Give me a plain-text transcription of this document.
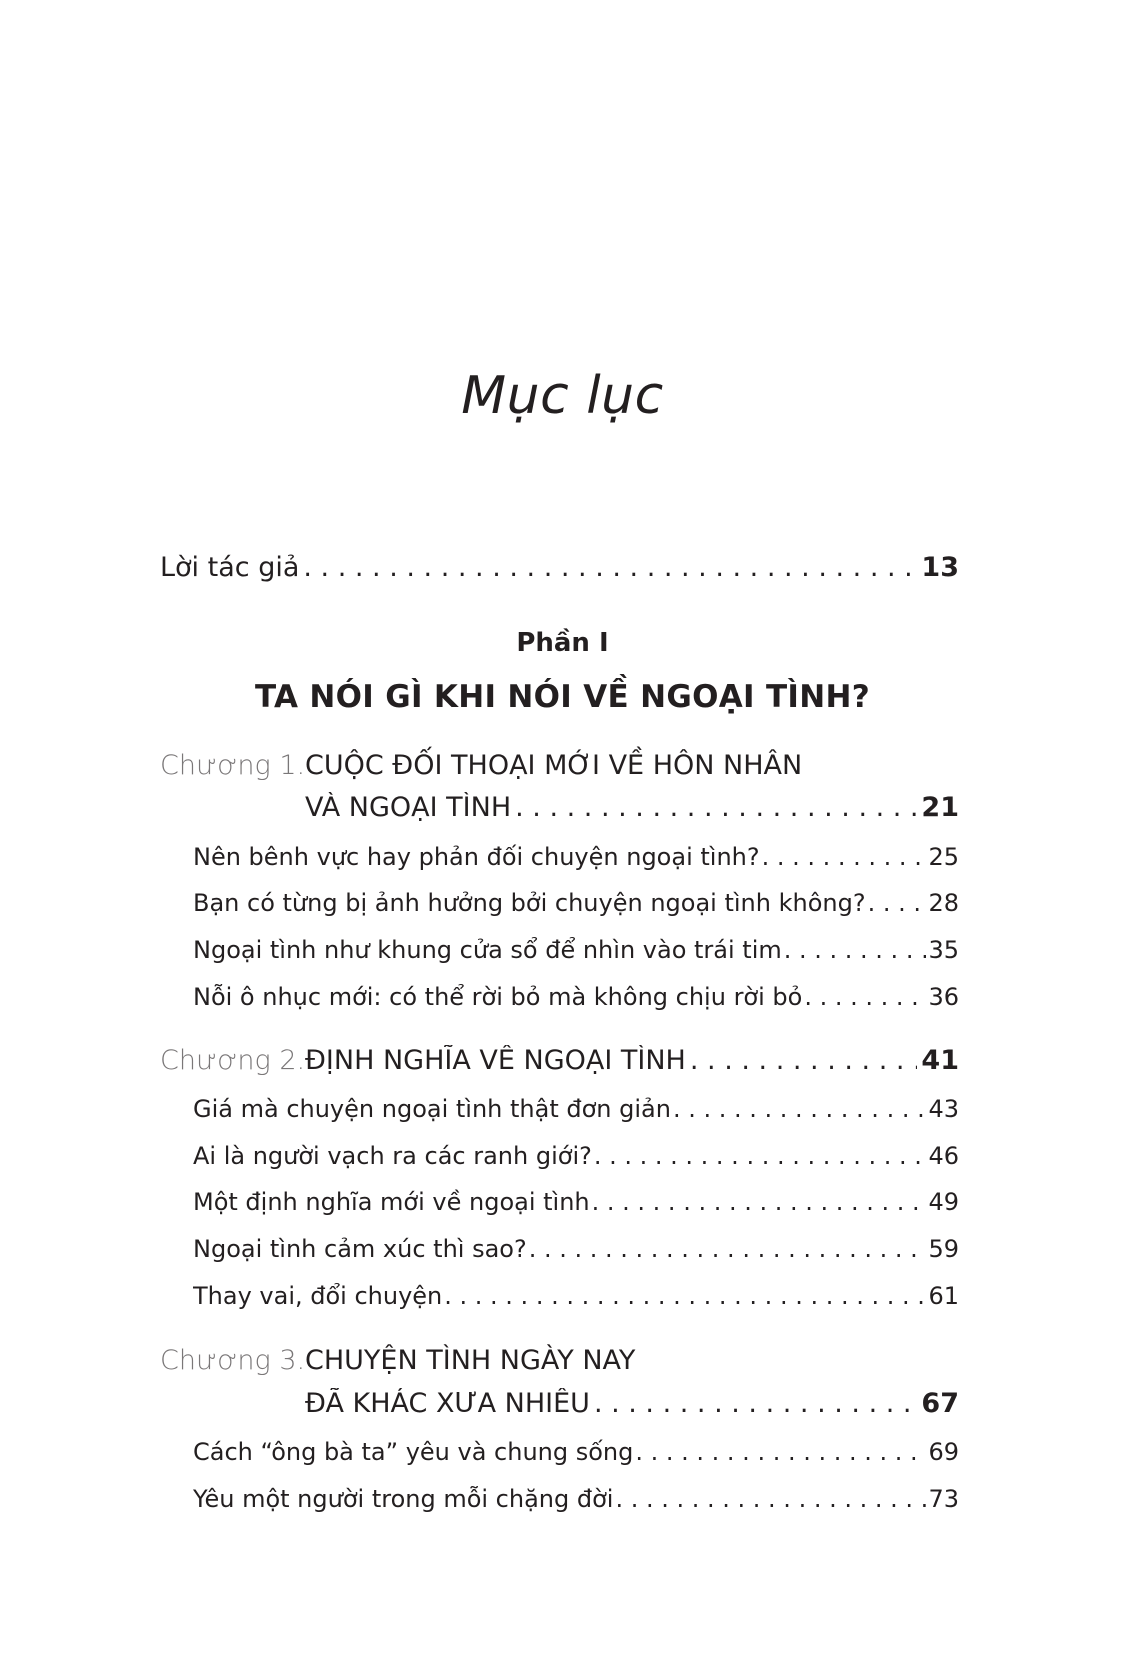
Mục lục
Lời tác giả . . .	13
Phần I
TA NÓI GÌ KHI NÓI VỀ NGOẠI TÌNH?
Chương 1. CUỘC ĐỐI THOẠI MỚI VỀ HÔN NHÂN
VÀ NGOẠI TÌNH . . .	21
Nên bênh vực hay phản đối chuyện ngoại tình? . . .	25
Bạn có từng bị ảnh hưởng bởi chuyện ngoại tình không? . . .	28
Ngoại tình như khung cửa sổ để nhìn vào trái tim . . .	35
Nỗi ô nhục mới: có thể rời bỏ mà không chịu rời bỏ . . .	36
Chương 2. ĐỊNH NGHĨA VỀ NGOẠI TÌNH . . .	41
Giá mà chuyện ngoại tình thật đơn giản . . .	43
Ai là người vạch ra các ranh giới? . . .	46
Một định nghĩa mới về ngoại tình . . .	49
Ngoại tình cảm xúc thì sao? . . .	59
Thay vai, đổi chuyện . . .	61
Chương 3. CHUYỆN TÌNH NGÀY NAY
ĐÃ KHÁC XƯA NHIỀU . . .	67
Cách “ông bà ta” yêu và chung sống . . .	69
Yêu một người trong mỗi chặng đời . . .	73
